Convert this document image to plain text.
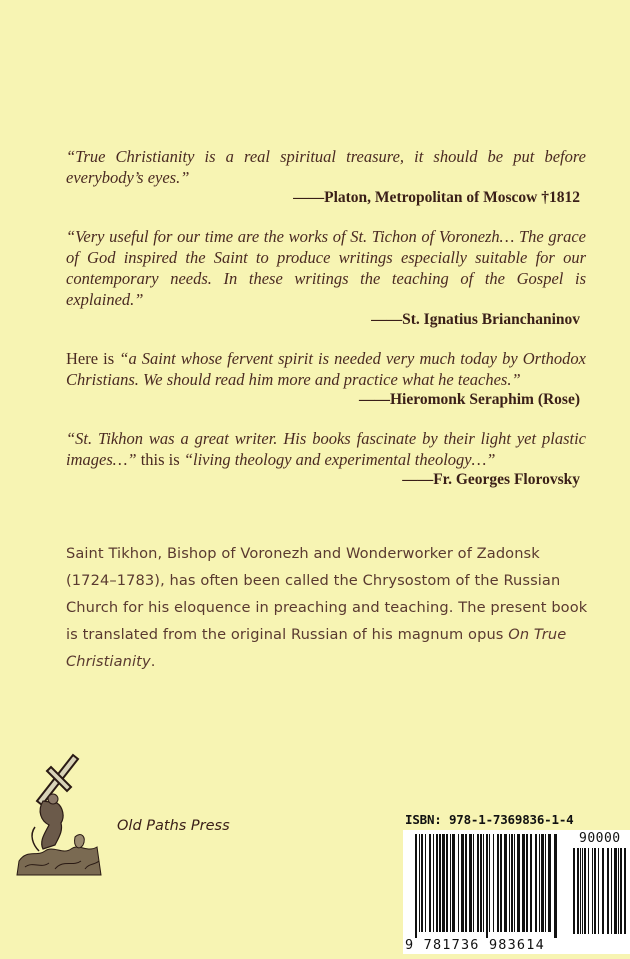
“True Christianity is a real spiritual treasure, it should be put before everybody’s eyes.”

——Platon, Metropolitan of Moscow †1812

“Very useful for our time are the works of St. Tichon of Voronezh… The grace of God inspired the Saint to produce writings especially suitable for our contemporary needs. In these writings the teaching of the Gospel is explained.”

——St. Ignatius Brianchaninov

Here is “a Saint whose fervent spirit is needed very much today by Orthodox Christians. We should read him more and practice what he teaches.”

——Hieromonk Seraphim (Rose)

“St. Tikhon was a great writer. His books fascinate by their light yet plastic images…” this is “living theology and experimental theology…”

——Fr. Georges Florovsky
Saint Tikhon, Bishop of Voronezh and Wonderworker of Zadonsk (1724–1783), has often been called the Chrysostom of the Russian Church for his eloquence in preaching and teaching. The present book is translated from the original Russian of his magnum opus On True Christianity.
Old Paths Press	ISBN: 978-1-7369836-1-4
90000
9 781736 983614
